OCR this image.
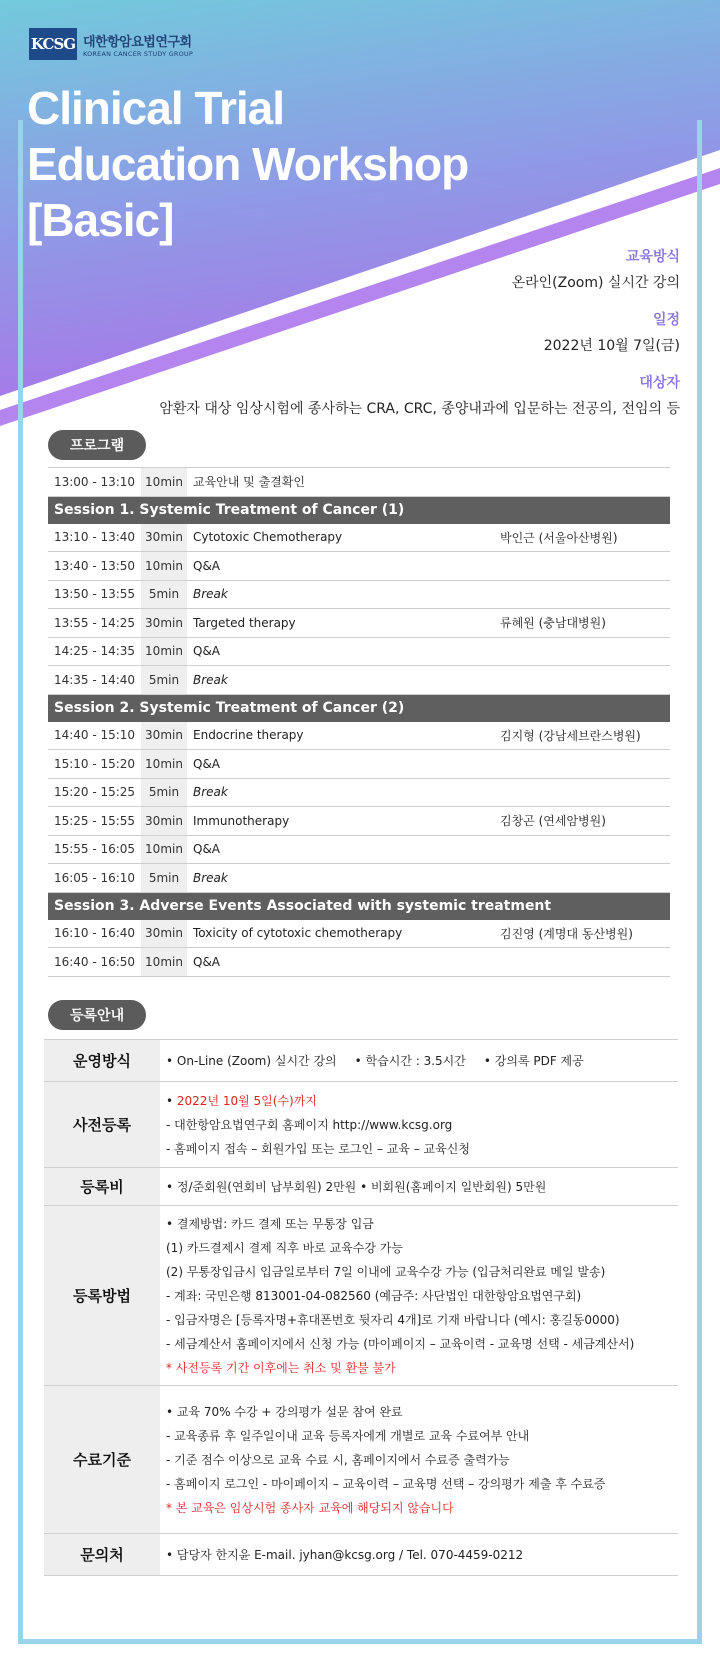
KCSG 대한항암요법연구회
KOREAN CANCER STUDY GROUP
Clinical Trial
Education Workshop
[Basic]
교육방식
온라인(Zoom) 실시간 강의
일정
2022년 10월 7일(금)
대상자
암환자 대상 임상시험에 종사하는 CRA, CRC, 종양내과에 입문하는 전공의, 전임의 등
프로그램
13:00 - 13:10 10min 교육안내 및 출결확인
Session 1. Systemic Treatment of Cancer (1)
13:10 - 13:40 30min Cytotoxic Chemotherapy	박인근 (서울아산병원)
13:40 - 13:50 10min Q&A
13:50 - 13:55	5min	Break
13:55 - 14:25 30min Targeted therapy	류혜원 (충남대병원)
14:25 - 14:35 10min Q&A
14:35 - 14:40	5min	Break
Session 2. Systemic Treatment of Cancer (2)
14:40 - 15:10 30min Endocrine therapy	김지형 (강남세브란스병원)
15:10 - 15:20 10min Q&A
15:20 - 15:25	5min	Break
15:25 - 15:55 30min Immunotherapy	김창곤 (연세암병원)
15:55 - 16:05 10min Q&A
16:05 - 16:10	5min	Break
Session 3. Adverse Events Associated with systemic treatment
16:10 - 16:40 30min Toxicity of cytotoxic chemotherapy	김진영 (계명대 동산병원)
16:40 - 16:50 10min Q&A
등록안내
운영방식	• On-Line (Zoom) 실시간 강의 • 학습시간 : 3.5시간 • 강의록 PDF 제공
사전등록
• 2022년 10월 5일(수)까지
- 대한항암요법연구회 홈페이지 http://www.kcsg.org
- 홈페이지 접속 – 회원가입 또는 로그인 – 교육 – 교육신청
등록비	• 정/준회원(연회비 납부회원) 2만원 • 비회원(홈페이지 일반회원) 5만원
등록방법
• 결제방법: 카드 결제 또는 무통장 입금
(1) 카드결제시 결제 직후 바로 교육수강 가능
(2) 무통장입금시 입금일로부터 7일 이내에 교육수강 가능 (입금처리완료 메일 발송)
- 계좌: 국민은행 813001-04-082560 (예금주: 사단법인 대한항암요법연구회)
- 입금자명은 [등록자명+휴대폰번호 뒷자리 4개]로 기재 바랍니다 (예시: 홍길동0000)
- 세금계산서 홈페이지에서 신청 가능 (마이페이지 – 교육이력 - 교육명 선택 - 세금계산서)
* 사전등록 기간 이후에는 취소 및 환불 불가
수료기준
• 교육 70% 수강 + 강의평가 설문 참여 완료
- 교육종류 후 일주일이내 교육 등록자에게 개별로 교육 수료여부 안내
- 기준 점수 이상으로 교육 수료 시, 홈페이지에서 수료증 출력가능
- 홈페이지 로그인 - 마이페이지 – 교육이력 – 교육명 선택 – 강의평가 제출 후 수료증
* 본 교육은 임상시험 종사자 교육에 해당되지 않습니다
문의처	• 담당자 한지윤 E-mail. jyhan@kcsg.org / Tel. 070-4459-0212
